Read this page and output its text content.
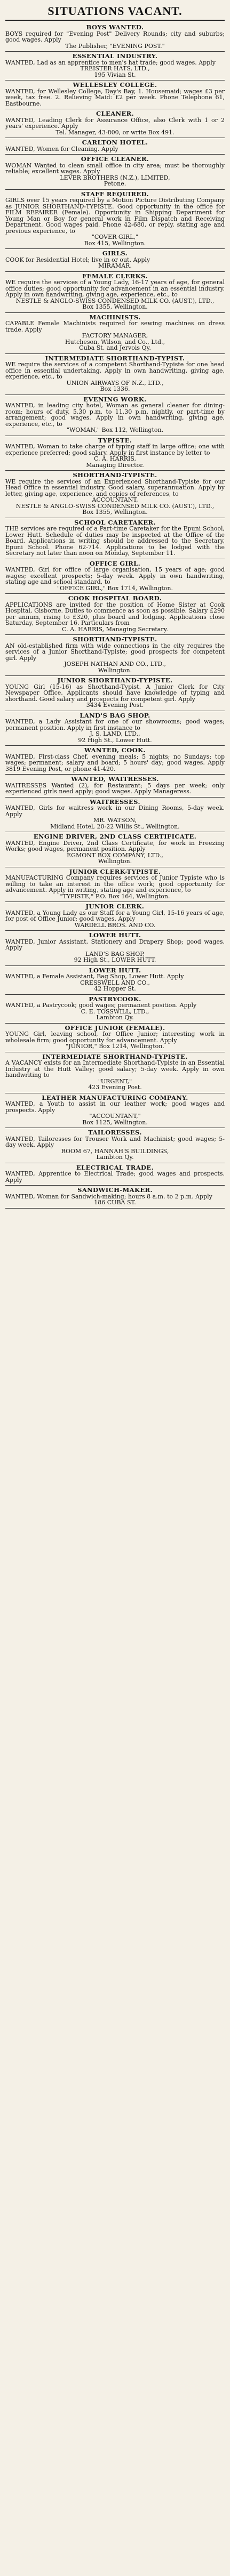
SITUATIONS VACANT.
BOYS WANTED.
BOYS required for "Evening Post" Delivery Rounds; city and suburbs; good wages. Apply
The Publisher, "EVENING POST."
ESSENTIAL INDUSTRY.
WANTED, Lad as an apprentice to men's hat trade; good wages. Apply
TREISTER HATS, LTD.,
195 Vivian St.
WELLESLEY COLLEGE.
WANTED, for Wellesley College, Day's Bay, 1. Housemaid; wages £3 per week, tax free. 2. Relieving Maid: £2 per week. Phone Telephone 61, Eastbourne.
CLEANER.
WANTED, Leading Clerk for Assurance Office, also Clerk with 1 or 2 years' experience. Apply
Tel. Manager, 43-800, or write Box 491.
CARLTON HOTEL.
WANTED, Women for Cleaning. Apply
OFFICE CLEANER.
WOMAN Wanted to clean small office in city area; must be thoroughly reliable; excellent wages. Apply
LEVER BROTHERS (N.Z.), LIMITED,
Petone.
STAFF REQUIRED.
GIRLS over 15 years required by a Motion Picture Distributing Company as JUNIOR SHORTHAND-TYPISTE. Good opportunity in the office for FILM REPAIRER (Female). Opportunity in Shipping Department for Young Man or Boy for general work in Film Dispatch and Receiving Department. Good wages paid. Phone 42-680, or reply, stating age and previous experience, to
"COVER GIRL,"
Box 415, Wellington.
GIRLS.
COOK for Residential Hotel; live in or out. Apply
MIRAMAR.
FEMALE CLERKS.
WE require the services of a Young Lady, 16-17 years of age, for general office duties; good opportunity for advancement in an essential industry. Apply in own handwriting, giving age, experience, etc., to
NESTLE & ANGLO-SWISS CONDENSED MILK CO. (AUST.), LTD.,
Box 1355, Wellington.
MACHINISTS.
CAPABLE Female Machinists required for sewing machines on dress trade. Apply
FACTORY MANAGER,
Hutcheson, Wilson, and Co., Ltd.,
Cuba St. and Jervois Qy.
INTERMEDIATE SHORTHAND-TYPIST.
WE require the services of a competent Shorthand-Typiste for one head office in essential undertaking. Apply in own handwriting, giving age, experience, etc., to
UNION AIRWAYS OF N.Z., LTD.,
Box 1336.
EVENING WORK.
WANTED, in leading city hotel, Woman as general cleaner for dining-room; hours of duty, 5.30 p.m. to 11.30 p.m. nightly, or part-time by arrangement; good wages. Apply in own handwriting, giving age, experience, etc., to
"WOMAN," Box 112, Wellington.
TYPISTE.
WANTED, Woman to take charge of typing staff in large office; one with experience preferred; good salary. Apply in first instance by letter to
C. A. HARRIS,
Managing Director.
SHORTHAND-TYPISTE.
WE require the services of an Experienced Shorthand-Typiste for our Head Office in essential industry. Good salary, superannuation. Apply by letter, giving age, experience, and copies of references, to
ACCOUNTANT,
NESTLE & ANGLO-SWISS CONDENSED MILK CO. (AUST.), LTD.,
Box 1355, Wellington.
SCHOOL CARETAKER.
THE services are required of a Part-time Caretaker for the Epuni School, Lower Hutt. Schedule of duties may be inspected at the Office of the Board. Applications in writing should be addressed to the Secretary, Epuni School. Phone 62-714. Applications to be lodged with the Secretary not later than noon on Monday, September 11.
OFFICE GIRL.
WANTED, Girl for office of large organisation, 15 years of age; good wages; excellent prospects; 5-day week. Apply in own handwriting, stating age and school standard, to
"OFFICE GIRL," Box 1714, Wellington.
COOK HOSPITAL BOARD.
APPLICATIONS are invited for the position of Home Sister at Cook Hospital, Gisborne. Duties to commence as soon as possible. Salary £290 per annum, rising to £320, plus board and lodging. Applications close Saturday, September 16. Particulars from
C. A. HARRIS, Managing Secretary.
SHORTHAND-TYPISTE.
AN old-established firm with wide connections in the city requires the services of a Junior Shorthand-Typiste; good prospects for competent girl. Apply
JOSEPH NATHAN AND CO., LTD.,
Wellington.
JUNIOR SHORTHAND-TYPISTE.
YOUNG Girl (15-16) as Shorthand-Typist. A Junior Clerk for City Newspaper Office. Applicants should have knowledge of typing and shorthand. Good salary and prospects for competent girl. Apply
3434 Evening Post.
LAND'S BAG SHOP.
WANTED, a Lady Assistant for one of our showrooms; good wages; permanent position. Apply in first instance to
J. S. LAND, LTD.,
92 High St., Lower Hutt.
WANTED, COOK.
WANTED, First-class Chef, evening meals; 5 nights; no Sundays; top wages; permanent; salary and board; 5 hours' day; good wages. Apply 3819 Evening Post, or phone 41-420.
WANTED, WAITRESSES.
WAITRESSES Wanted (2), for Restaurant; 5 days per week; only experienced girls need apply; good wages. Apply Manageress.
WAITRESSES.
WANTED, Girls for waitress work in our Dining Rooms, 5-day week. Apply
MR. WATSON,
Midland Hotel, 20-22 Willis St., Wellington.
ENGINE DRIVER, 2ND CLASS CERTIFICATE.
WANTED, Engine Driver, 2nd Class Certificate, for work in Freezing Works; good wages, permanent position. Apply
EGMONT BOX COMPANY, LTD.,
Wellington.
JUNIOR CLERK-TYPISTE.
MANUFACTURING Company requires services of Junior Typiste who is willing to take an interest in the office work; good opportunity for advancement. Apply in writing, stating age and experience, to
"TYPISTE," P.O. Box 164, Wellington.
JUNIOR CLERK.
WANTED, a Young Lady as our Staff for a Young Girl, 15-16 years of age, for post of Office Junior; good wages. Apply
WARDELL BROS. AND CO.
LOWER HUTT.
WANTED, Junior Assistant, Stationery and Drapery Shop; good wages. Apply
LAND'S BAG SHOP,
92 High St., LOWER HUTT.
LOWER HUTT.
WANTED, a Female Assistant, Bag Shop, Lower Hutt. Apply
CRESSWELL AND CO.,
42 Hopper St.
PASTRYCOOK.
WANTED, a Pastrycook; good wages; permanent position. Apply
C. E. TOSSWILL, LTD.,
Lambton Qy.
OFFICE JUNIOR (FEMALE).
YOUNG Girl, leaving school, for Office Junior; interesting work in wholesale firm; good opportunity for advancement. Apply
"JUNIOR," Box 1214, Wellington.
INTERMEDIATE SHORTHAND-TYPISTE.
A VACANCY exists for an Intermediate Shorthand-Typiste in an Essential Industry at the Hutt Valley; good salary; 5-day week. Apply in own handwriting to
"URGENT,"
423 Evening Post.
LEATHER MANUFACTURING COMPANY.
WANTED, a Youth to assist in our leather work; good wages and prospects. Apply
"ACCOUNTANT,"
Box 1125, Wellington.
TAILORESSES.
WANTED, Tailoresses for Trouser Work and Machinist; good wages; 5-day week. Apply
ROOM 67, HANNAH'S BUILDINGS,
Lambton Qy.
ELECTRICAL TRADE.
WANTED, Apprentice to Electrical Trade; good wages and prospects. Apply
SANDWICH-MAKER.
WANTED, Woman for Sandwich-making; hours 8 a.m. to 2 p.m. Apply
186 CUBA ST.
